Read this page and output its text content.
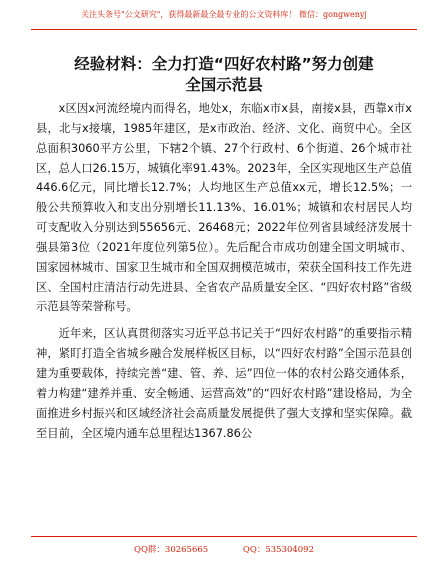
关注头条号"公文研究"，获得最新最全最专业的公文资料库！ 微信：gongwenyj
经验材料：全力打造“四好农村路”努力创建
全国示范县

x区因x河流经境内而得名，地处x，东临x市x县，南接x县，西靠x市x县，北与x接壤，1985年建区，是x市政治、经济、文化、商贸中心。全区总面积3060平方公里，下辖2个镇、27个行政村、6个街道、26个城市社区，总人口26.15万，城镇化率91.43%。2023年，全区实现地区生产总值446.6亿元，同比增长12.7%；人均地区生产总值xx元，增长12.5%；一般公共预算收入和支出分别增长11.13%、16.01%；城镇和农村居民人均可支配收入分别达到55656元、26468元；2022年位列省县域经济发展十强县第3位（2021年度位列第5位）。先后配合市成功创建全国文明城市、国家园林城市、国家卫生城市和全国双拥模范城市，荣获全国科技工作先进区、全国村庄清洁行动先进县、全省农产品质量安全区、“四好农村路”省级示范县等荣誉称号。

近年来，区认真贯彻落实习近平总书记关于“四好农村路”的重要指示精神，紧盯打造全省城乡融合发展样板区目标，以“四好农村路”全国示范县创建为重要载体，持续完善“建、管、养、运”四位一体的农村公路交通体系，着力构建“建养并重、安全畅通、运营高效”的“四好农村路”建设格局，为全面推进乡村振兴和区域经济社会高质量发展提供了强大支撑和坚实保障。截至目前，全区境内通车总里程达1367.86公

QQ群：30265665	QQ：535304092
